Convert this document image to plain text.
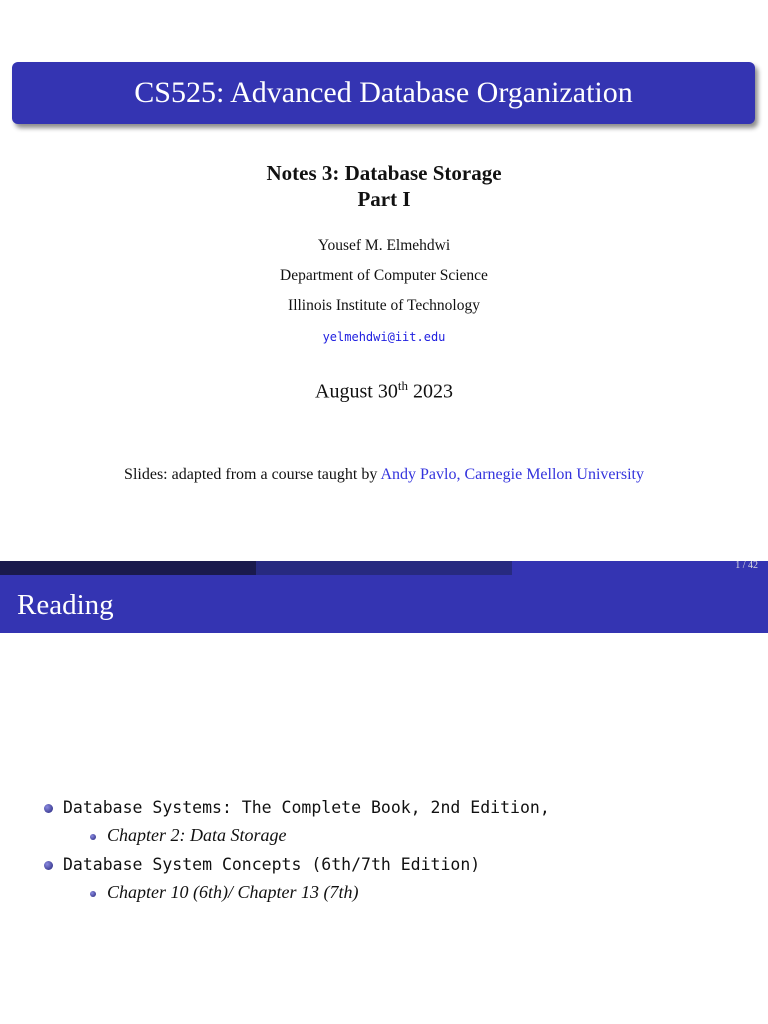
CS525: Advanced Database Organization
Notes 3: Database Storage
Part I
Yousef M. Elmehdwi
Department of Computer Science
Illinois Institute of Technology
yelmehdwi@iit.edu
August 30th 2023
Slides: adapted from a course taught by Andy Pavlo, Carnegie Mellon University
1 / 42
Reading
Database Systems: The Complete Book, 2nd Edition,
Chapter 2: Data Storage
Database System Concepts (6th/7th Edition)
Chapter 10 (6th)/ Chapter 13 (7th)
